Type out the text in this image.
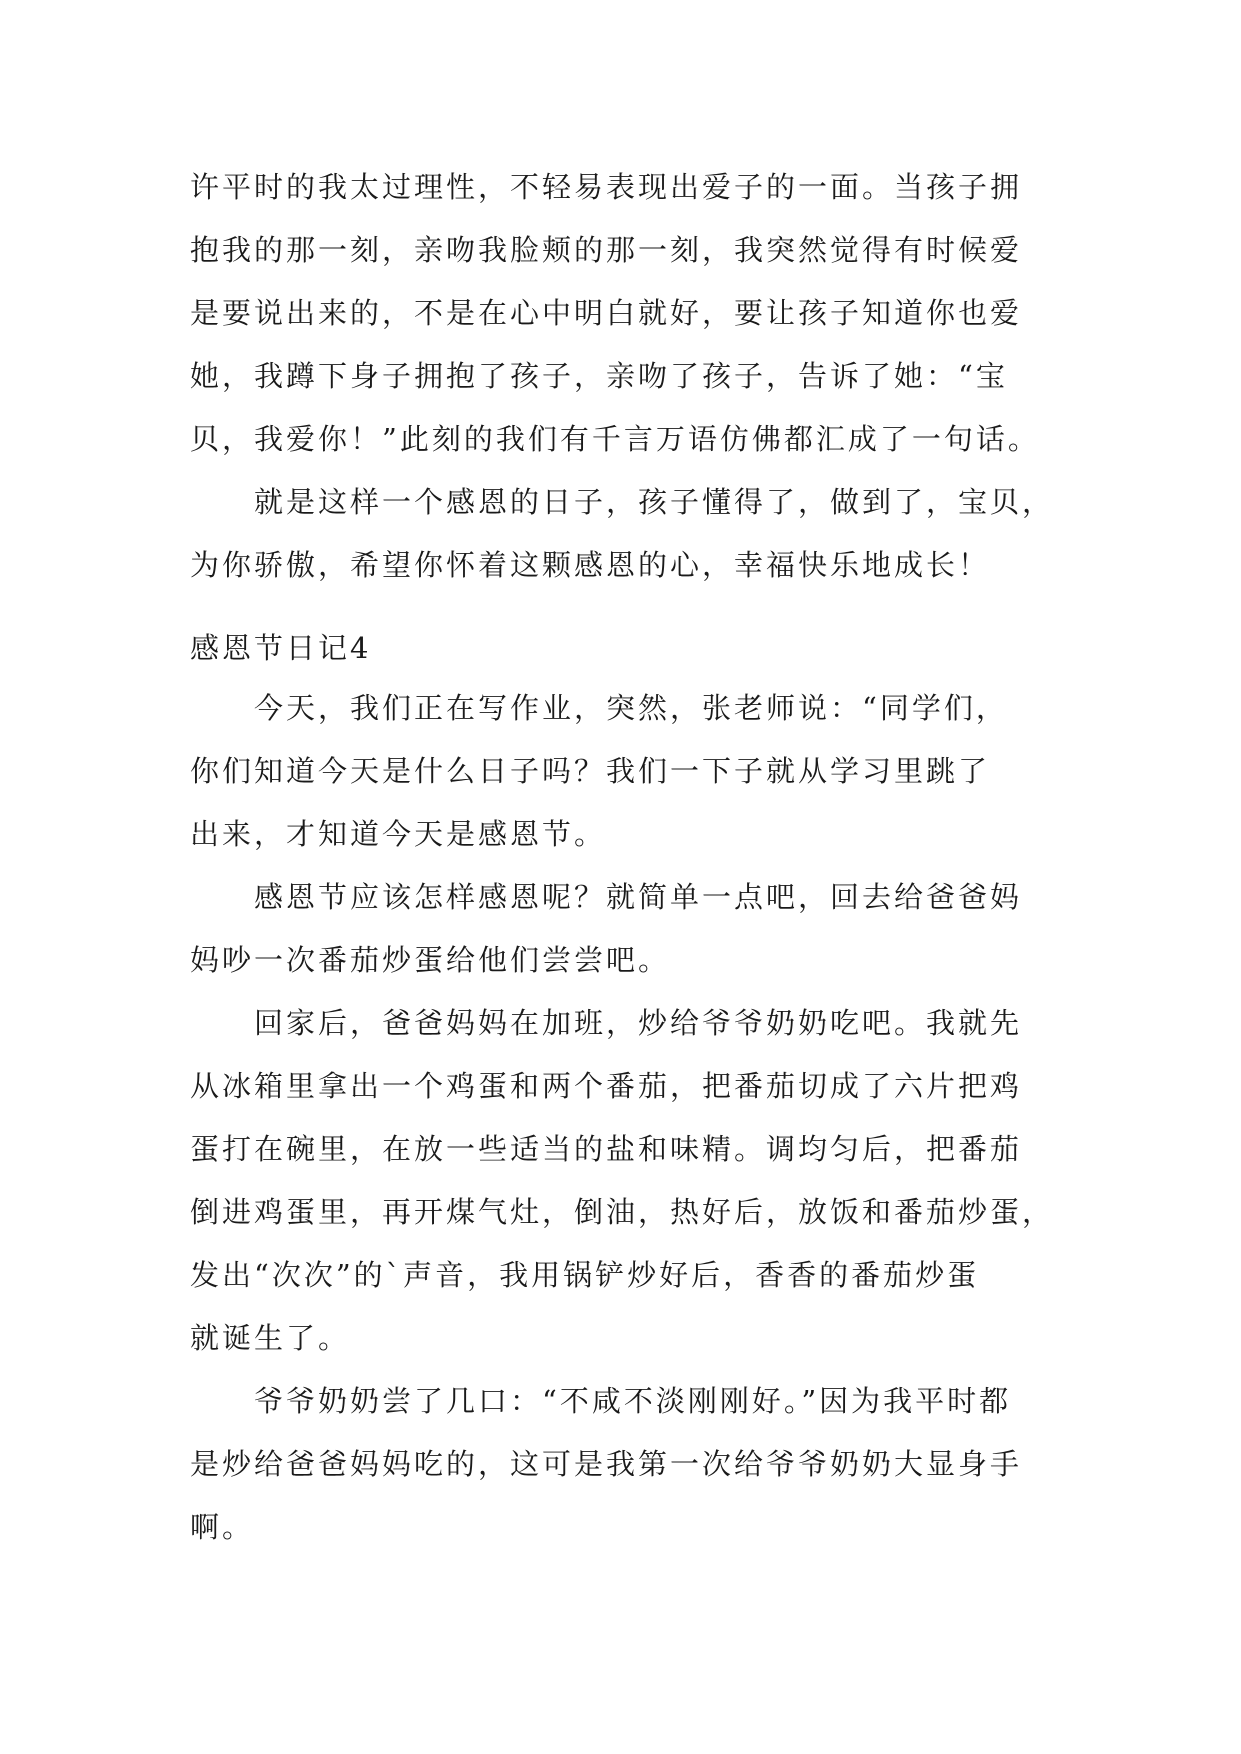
许平时的我太过理性，不轻易表现出爱子的一面。当孩子拥
抱我的那一刻，亲吻我脸颊的那一刻，我突然觉得有时候爱
是要说出来的，不是在心中明白就好，要让孩子知道你也爱
她，我蹲下身子拥抱了孩子，亲吻了孩子，告诉了她：“宝
贝，我爱你！”此刻的我们有千言万语仿佛都汇成了一句话。

就是这样一个感恩的日子，孩子懂得了，做到了，宝贝，
为你骄傲，希望你怀着这颗感恩的心，幸福快乐地成长！

感恩节日记4

今天，我们正在写作业，突然，张老师说：“同学们，
你们知道今天是什么日子吗？我们一下子就从学习里跳了
出来，才知道今天是感恩节。

感恩节应该怎样感恩呢？就简单一点吧，回去给爸爸妈
妈吵一次番茄炒蛋给他们尝尝吧。

回家后，爸爸妈妈在加班，炒给爷爷奶奶吃吧。我就先
从冰箱里拿出一个鸡蛋和两个番茄，把番茄切成了六片把鸡
蛋打在碗里，在放一些适当的盐和味精。调均匀后，把番茄
倒进鸡蛋里，再开煤气灶，倒油，热好后，放饭和番茄炒蛋，
发出“次次”的`声音，我用锅铲炒好后，香香的番茄炒蛋
就诞生了。

爷爷奶奶尝了几口：“不咸不淡刚刚好。”因为我平时都
是炒给爸爸妈妈吃的，这可是我第一次给爷爷奶奶大显身手
啊。
